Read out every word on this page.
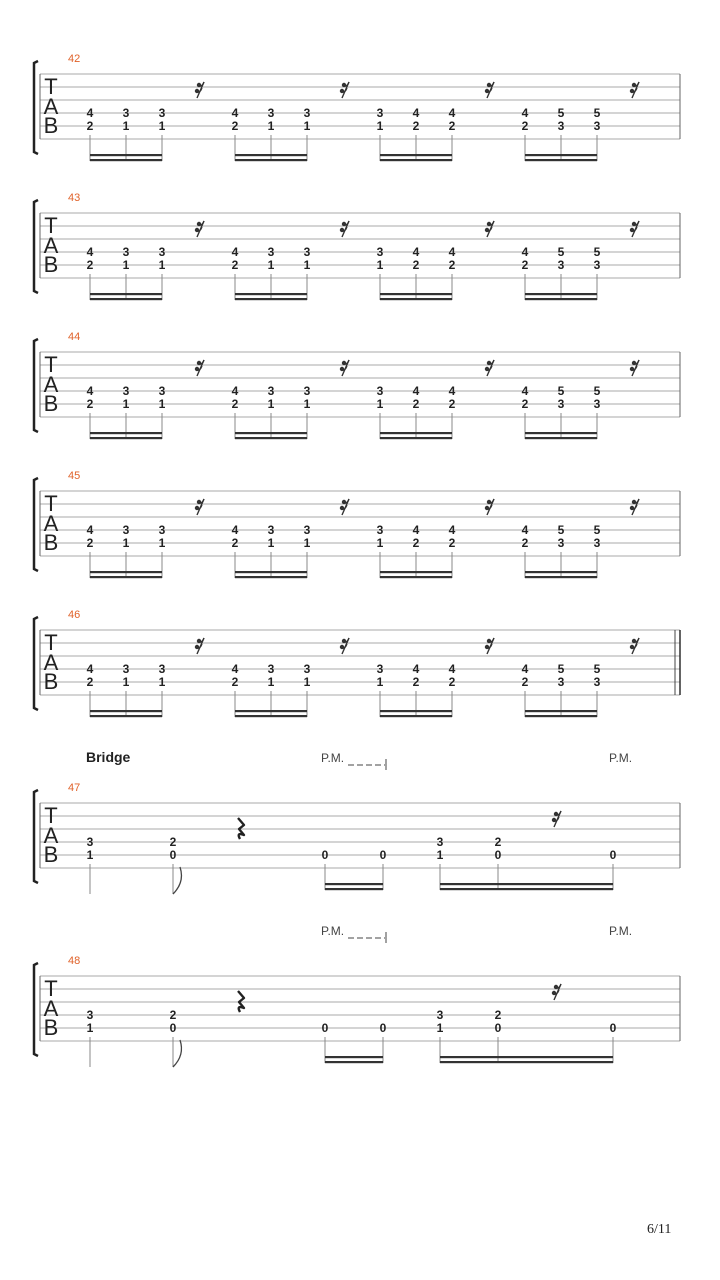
T
A
B
42
4
2
3
1
3
1
4
2
3
1
3
1
3
1
4
2
4
2
4
2
5
3
5
3
T
A
B
43
4
2
3
1
3
1
4
2
3
1
3
1
3
1
4
2
4
2
4
2
5
3
5
3
T
A
B
44
4
2
3
1
3
1
4
2
3
1
3
1
3
1
4
2
4
2
4
2
5
3
5
3
T
A
B
45
4
2
3
1
3
1
4
2
3
1
3
1
3
1
4
2
4
2
4
2
5
3
5
3
T
A
B
46
4
2
3
1
3
1
4
2
3
1
3
1
3
1
4
2
4
2
4
2
5
3
5
3
T
A
B
47
3
1
2
0	0	0
3
1
2
0	0
Bridge	P.M.	P.M.
T
A
B
48
3
1
2
0	0	0
3
1
2
0	0
P.M.	P.M.
6/11
